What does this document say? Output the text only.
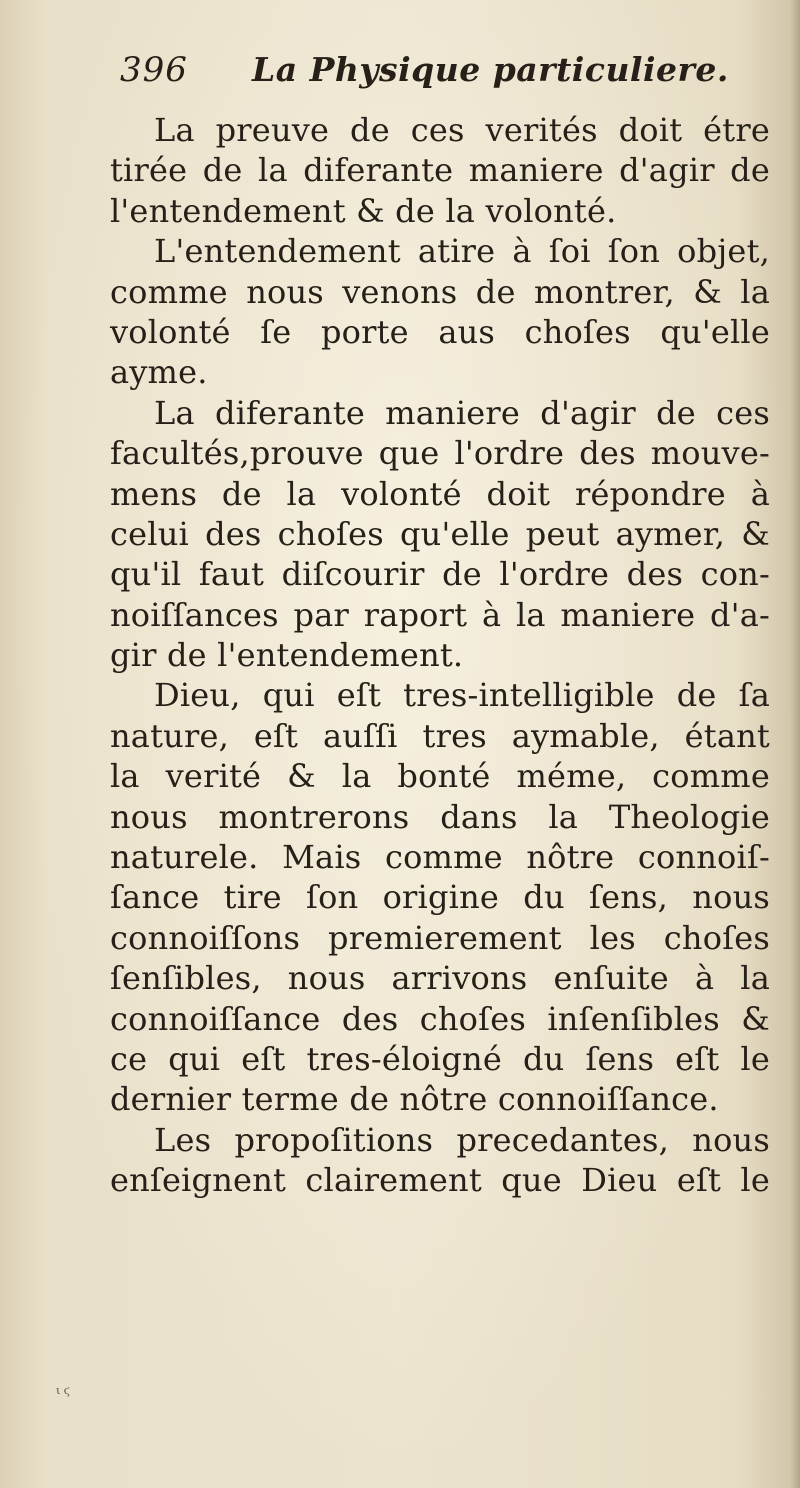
396 La Physique particuliere.
La preuve de ces verités doit étre
tirée de la diferante maniere d'agir de
l'entendement & de la volonté.
L'entendement atire à ſoi ſon objet,
comme nous venons de montrer, & la
volonté ſe porte aus choſes qu'elle
ayme.
La diferante maniere d'agir de ces
facultés,prouve que l'ordre des mouve-
mens de la volonté doit répondre à
celui des choſes qu'elle peut aymer, &
qu'il faut diſcourir de l'ordre des con-
noiſſances par raport à la maniere d'a-
gir de l'entendement.
Dieu, qui eſt tres-intelligible de ſa
nature, eſt auſſi tres aymable, étant
la verité & la bonté méme, comme
nous montrerons dans la Theologie
naturele. Mais comme nôtre connoiſ-
ſance tire ſon origine du ſens, nous
connoiſſons premierement les choſes
ſenſibles, nous arrivons enſuite à la
connoiſſance des choſes inſenſibles &
ce qui eſt tres-éloigné du ſens eſt le
dernier terme de nôtre connoiſſance.
Les propoſitions precedantes, nous
enſeignent clairement que Dieu eſt le
ι ϛ
